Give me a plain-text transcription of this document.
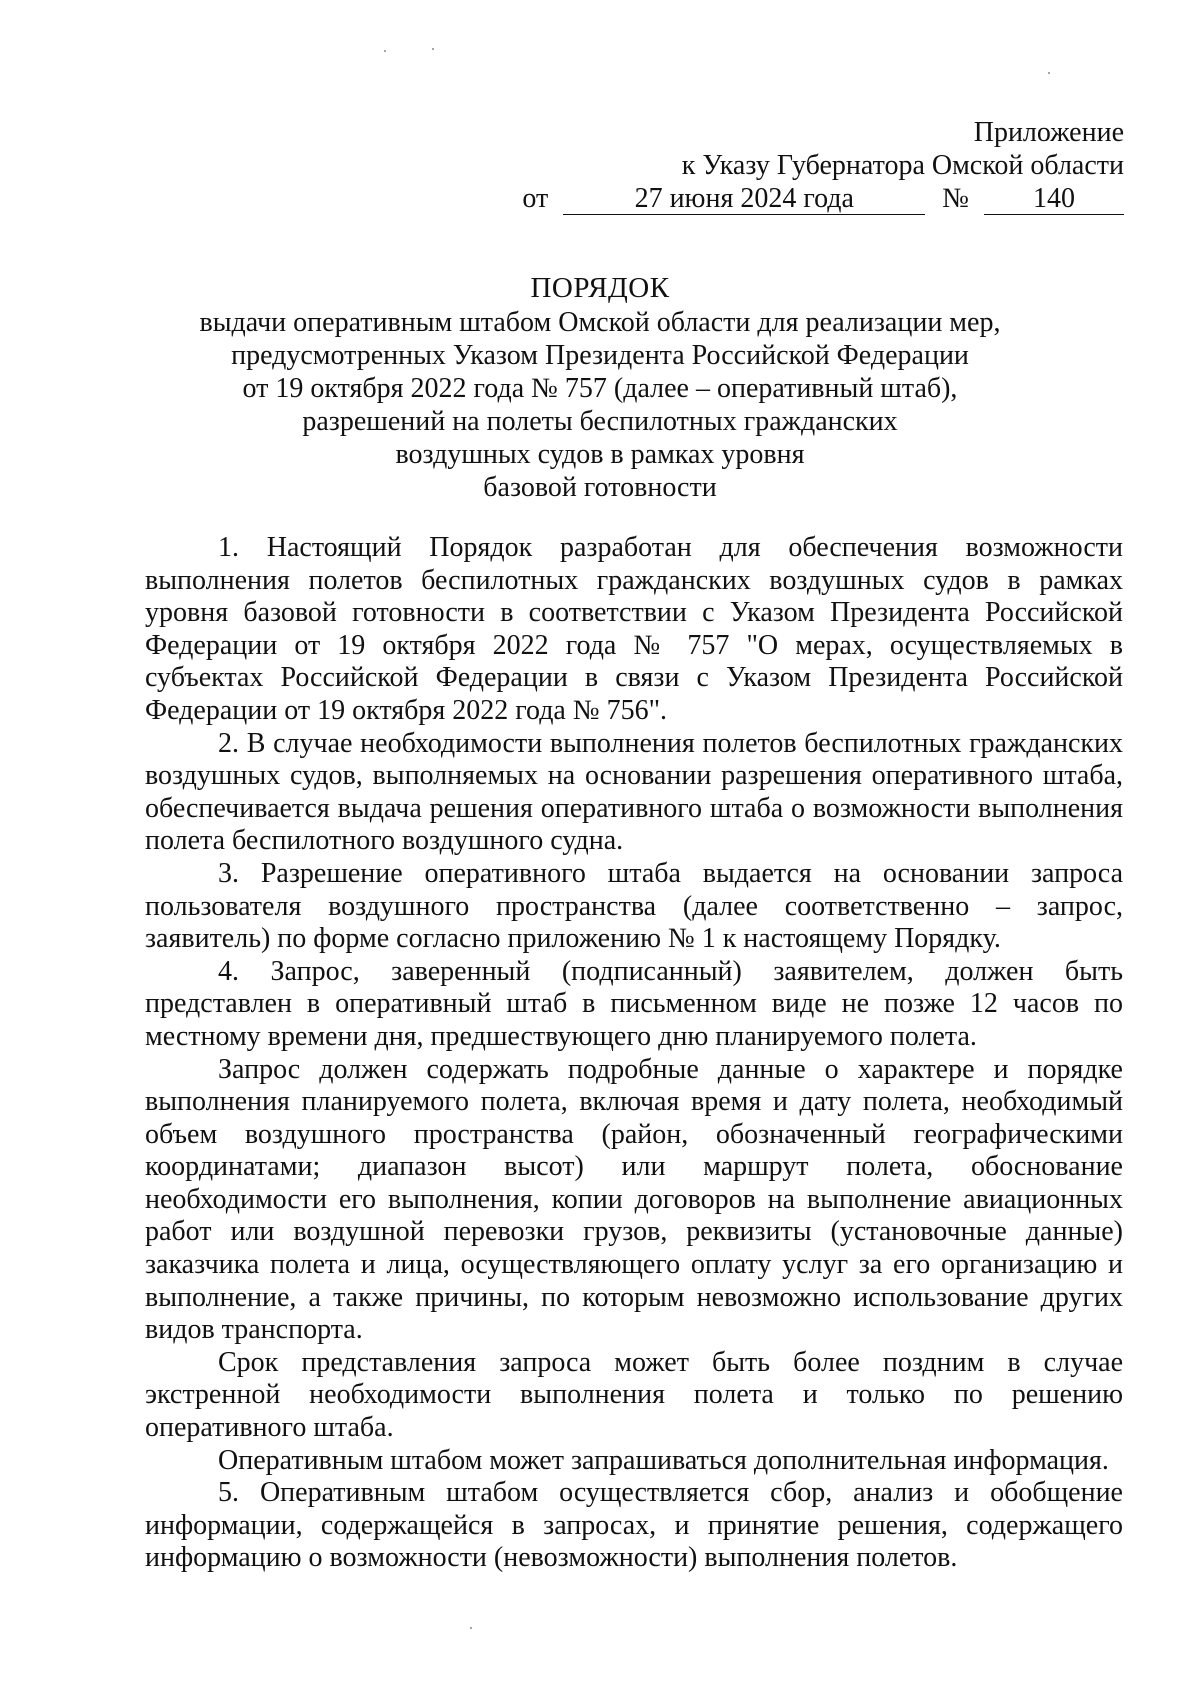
Приложение
к Указу Губернатора Омской области
от	27 июня 2024 года	№ 140
ПОРЯДОК
выдачи оперативным штабом Омской области для реализации мер,
предусмотренных Указом Президента Российской Федерации
от 19 октября 2022 года № 757 (далее – оперативный штаб),
разрешений на полеты беспилотных гражданских
воздушных судов в рамках уровня
базовой готовности

1. Настоящий Порядок разработан для обеспечения возможности выполнения полетов беспилотных гражданских воздушных судов в рамках уровня базовой готовности в соответствии с Указом Президента Российской Федерации от 19 октября 2022 года № 757 "О мерах, осуществляемых в субъектах Российской Федерации в связи с Указом Президента Российской Федерации от 19 октября 2022 года № 756".

2. В случае необходимости выполнения полетов беспилотных гражданских воздушных судов, выполняемых на основании разрешения оперативного штаба, обеспечивается выдача решения оперативного штаба о возможности выполнения полета беспилотного воздушного судна.

3. Разрешение оперативного штаба выдается на основании запроса пользователя воздушного пространства (далее соответственно – запрос, заявитель) по форме согласно приложению № 1 к настоящему Порядку.

4. Запрос, заверенный (подписанный) заявителем, должен быть представлен в оперативный штаб в письменном виде не позже 12 часов по местному времени дня, предшествующего дню планируемого полета.

Запрос должен содержать подробные данные о характере и порядке выполнения планируемого полета, включая время и дату полета, необходимый объем воздушного пространства (район, обозначенный географическими координатами; диапазон высот) или маршрут полета, обоснование необходимости его выполнения, копии договоров на выполнение авиационных работ или воздушной перевозки грузов, реквизиты (установочные данные) заказчика полета и лица, осуществляющего оплату услуг за его организацию и выполнение, а также причины, по которым невозможно использование других видов транспорта.

Срок представления запроса может быть более поздним в случае экстренной необходимости выполнения полета и только по решению оперативного штаба.

Оперативным штабом может запрашиваться дополнительная информация.

5. Оперативным штабом осуществляется сбор, анализ и обобщение информации, содержащейся в запросах, и принятие решения, содержащего информацию о возможности (невозможности) выполнения полетов.
